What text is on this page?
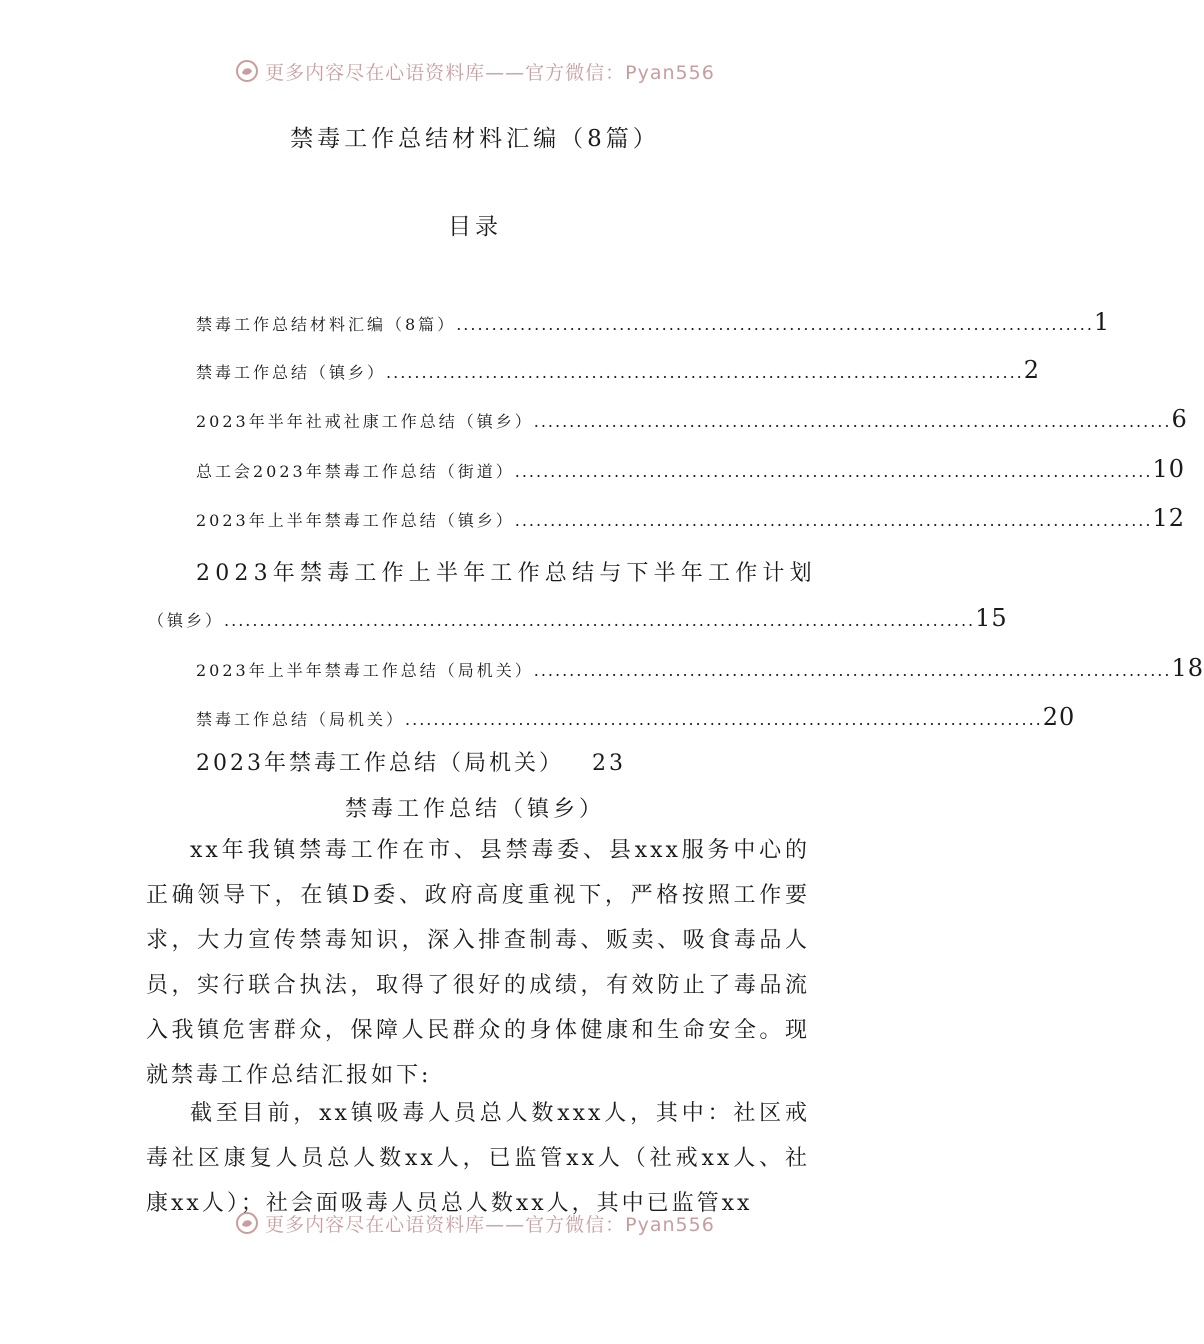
更多内容尽在心语资料库——官方微信：Pyan556
禁毒工作总结材料汇编（8篇）
目录
禁毒工作总结材料汇编（8篇） .......................................................................................... 1
禁毒工作总结（镇乡） .......................................................................................... 2
2023年半年社戒社康工作总结（镇乡） .......................................................................................... 6
总工会2023年禁毒工作总结（街道） .......................................................................................... 10
2023年上半年禁毒工作总结（镇乡） .......................................................................................... 12
2023年禁毒工作上半年工作总结与下半年工作计划
（镇乡） .......................................................................................................... 15
2023年上半年禁毒工作总结（局机关） .......................................................................................... 18
禁毒工作总结（局机关） .......................................................................................... 20
2023年禁毒工作总结（局机关） 23
禁毒工作总结（镇乡）
xx年我镇禁毒工作在市、县禁毒委、县xxx服务中心的正确领导下，在镇D委、政府高度重视下，严格按照工作要求，大力宣传禁毒知识，深入排查制毒、贩卖、吸食毒品人员，实行联合执法，取得了很好的成绩，有效防止了毒品流入我镇危害群众，保障人民群众的身体健康和生命安全。现就禁毒工作总结汇报如下:
截至目前，xx镇吸毒人员总人数xxx人，其中：社区戒毒社区康复人员总人数xx人，已监管xx人（社戒xx人、社康xx人）；社会面吸毒人员总人数xx人，其中已监管xx
更多内容尽在心语资料库——官方微信：Pyan556
